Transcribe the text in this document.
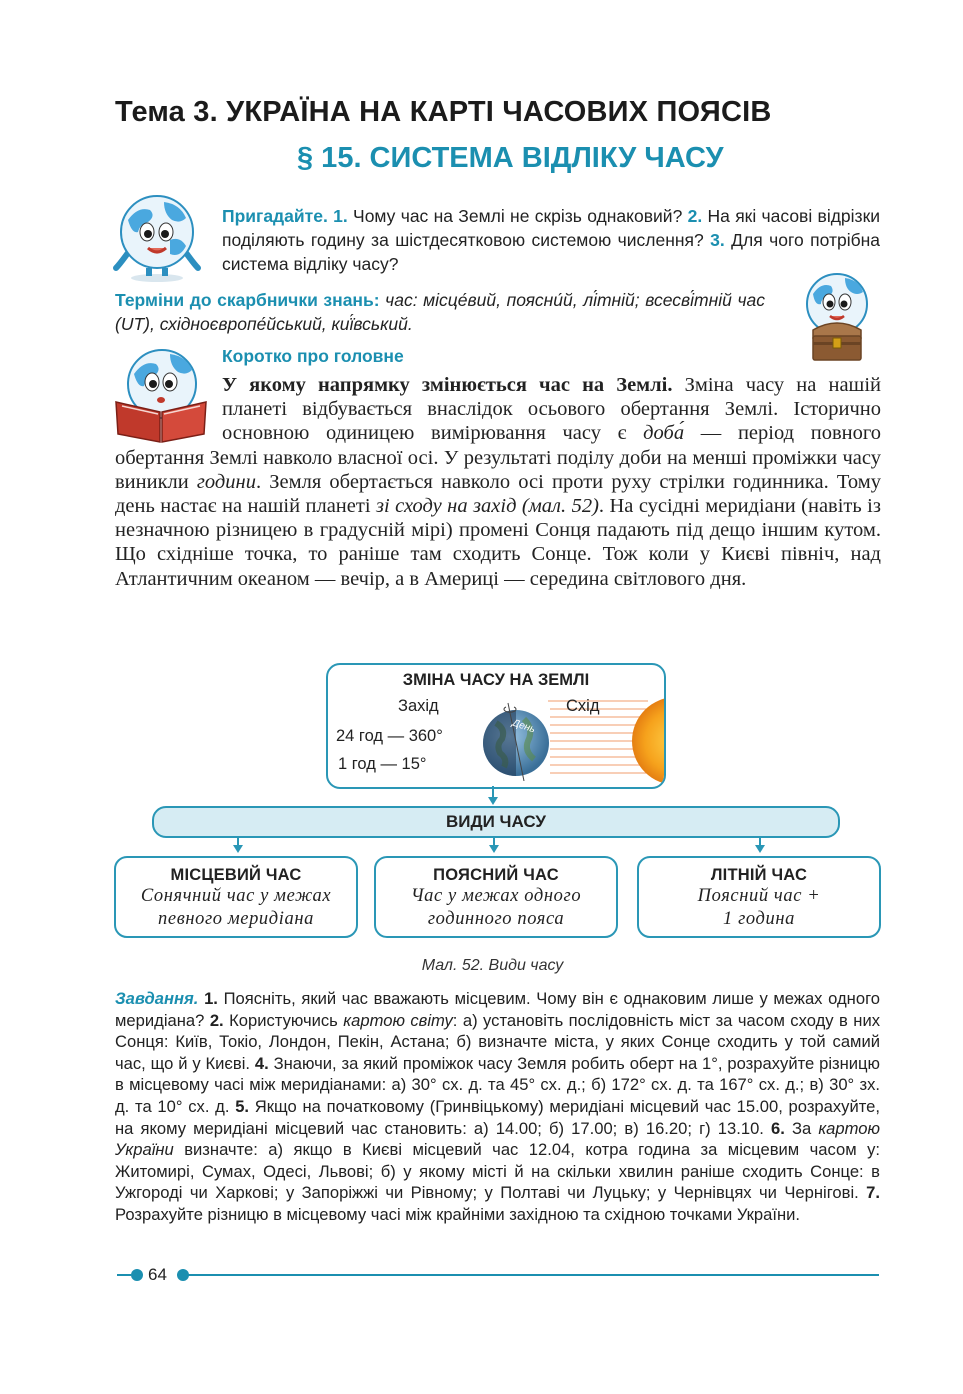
Тема 3. УКРАЇНА НА КАРТІ ЧАСОВИХ ПОЯСІВ
§ 15. СИСТЕМА ВІДЛІКУ ЧАСУ
Пригадайте. 1. Чому час на Землі не скрізь однаковий? 2. На які часові відрізки поділяють годину за шістдесятковою системою числення? 3. Для чого потрібна система відліку часу?
Терміни до скарбнички знань: час: місце́вий, поясни́й, лі́тній; всесві́тній час (UT), східноєвропе́йський, киї́вський.
Коротко про головне
У якому напрямку змінюється час на Землі. Зміна часу на нашій планеті відбувається внаслідок осьового обертання Землі. Історично основною одиницею вимірювання часу є доба́ — період повного обертання Землі навколо власної осі. У результаті поділу доби на менші проміжки часу виникли години. Земля обертається навколо осі проти руху стрілки годинника. Тому день настає на нашій планеті зі сходу на захід (мал. 52). На сусідні меридіани (навіть із незначною різницею в градусній мірі) промені Сонця падають під дещо іншим кутом. Що східніше точка, то раніше там сходить Сонце. Тож коли у Києві північ, над Атлантичним океаном — вечір, а в Америці — середина світлового дня.
ЗМІНА ЧАСУ НА ЗЕМЛІ
Захід	Схід
24 год — 360°
1 год — 15°
День
ВИДИ ЧАСУ
МІСЦЕВИЙ ЧАС
Сонячний час у межах
певного меридіана
ПОЯСНИЙ ЧАС
Час у межах одного
годинного пояса
ЛІТНІЙ ЧАС
Поясний час +
1 година
Мал. 52. Види часу
Завдання. 1. Поясніть, який час вважають місцевим. Чому він є однаковим лише у межах одного меридіана? 2. Користуючись картою світу: а) установіть послідовність міст за часом сходу в них Сонця: Київ, Токіо, Лондон, Пекін, Астана; б) визначте міста, у яких Сонце сходить у той самий час, що й у Києві. 4. Знаючи, за який проміжок часу Земля робить оберт на 1°, розрахуйте різницю в місцевому часі між меридіанами: а) 30° сх. д. та 45° сх. д.; б) 172° сх. д. та 167° сх. д.; в) 30° зх. д. та 10° сх. д. 5. Якщо на початковому (Гринвіцькому) меридіані місцевий час 15.00, розрахуйте, на якому меридіані місцевий час становить: а) 14.00; б) 17.00; в) 16.20; г) 13.10. 6. За картою України визначте: а) якщо в Києві місцевий час 12.04, котра година за місцевим часом у: Житомирі, Сумах, Одесі, Львові; б) у якому місті й на скільки хвилин раніше сходить Сонце: в Ужгороді чи Харкові; у Запоріжжі чи Рівному; у Полтаві чи Луцьку; у Чернівцях чи Чернігові. 7. Розрахуйте різницю в місцевому часі між крайніми західною та східною точками України.
64
